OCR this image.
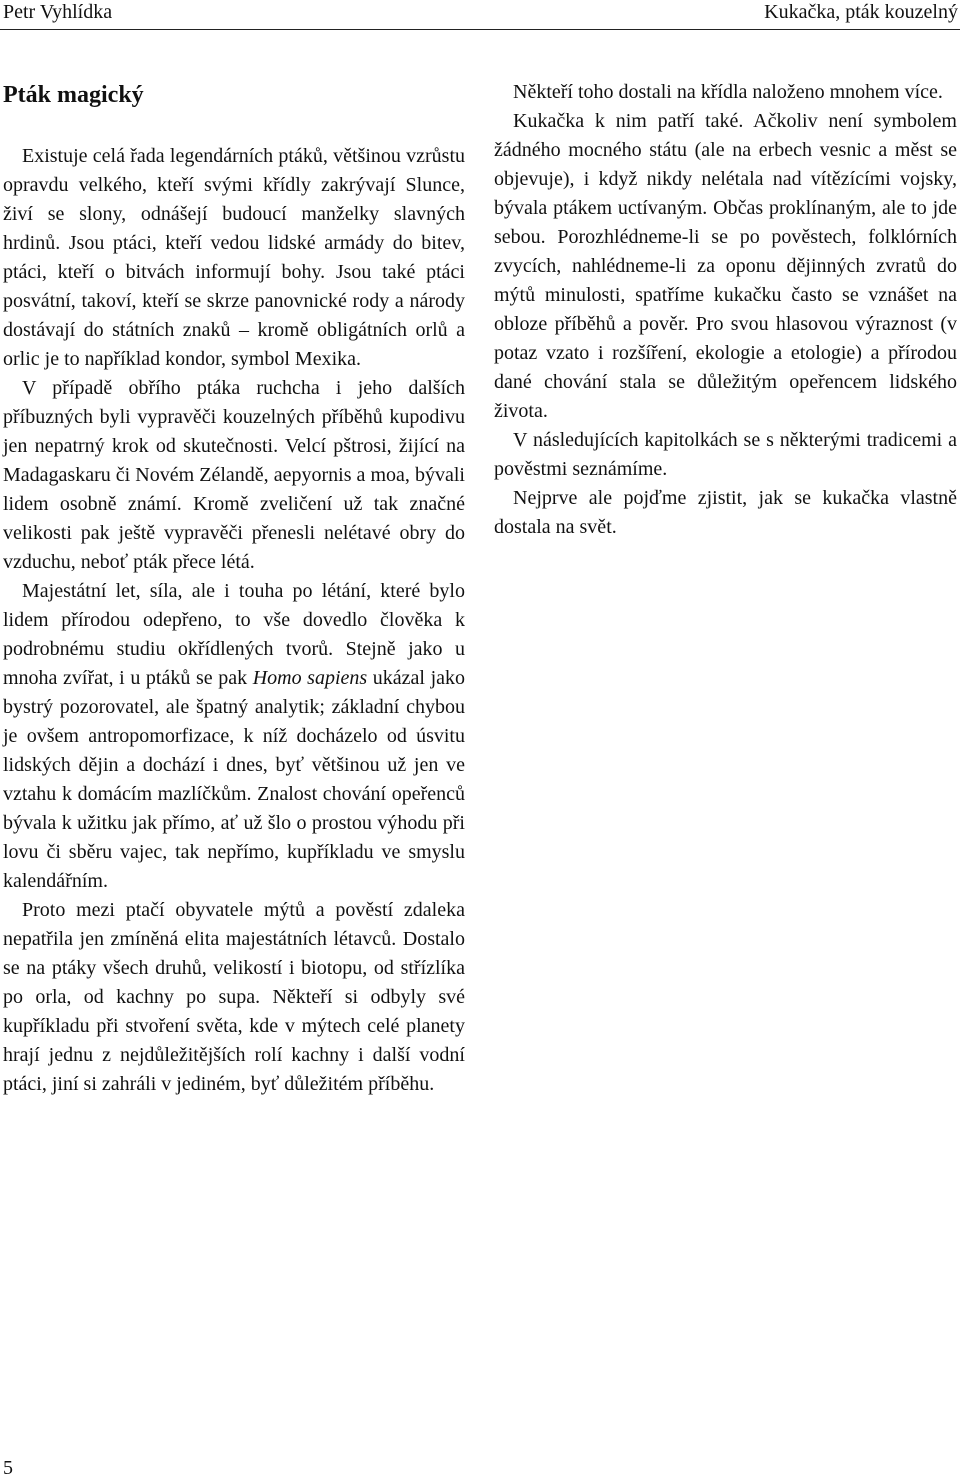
Petr Vyhlídka	Kukačka, pták kouzelný
Pták magický

Existuje celá řada legendárních ptáků, většinou vzrůstu opravdu velkého, kteří svými křídly zakrývají Slunce, živí se slony, odnášejí budoucí manželky slavných hrdinů. Jsou ptáci, kteří vedou lidské armády do bitev, ptáci, kteří o bitvách informují bohy. Jsou také ptáci posvátní, takoví, kteří se skrze panovnické rody a národy dostávají do státních znaků – kromě obligátních orlů a orlic je to například kondor, symbol Mexika.

V případě obřího ptáka ruchcha i jeho dalších příbuzných byli vypravěči kouzelných příběhů kupodivu jen nepatrný krok od skutečnosti. Velcí pštrosi, žijící na Madagaskaru či Novém Zélandě, aepyornis a moa, bývali lidem osobně známí. Kromě zveličení už tak značné velikosti pak ještě vypravěči přenesli nelétavé obry do vzduchu, neboť pták přece létá.

Majestátní let, síla, ale i touha po létání, které bylo lidem přírodou odepřeno, to vše dovedlo člověka k podrobnému studiu okřídlených tvorů. Stejně jako u mnoha zvířat, i u ptáků se pak Homo sapiens ukázal jako bystrý pozorovatel, ale špatný analytik; základní chybou je ovšem antropomorfizace, k níž docházelo od úsvitu lidských dějin a dochází i dnes, byť většinou už jen ve vztahu k domácím mazlíčkům. Znalost chování opeřenců bývala k užitku jak přímo, ať už šlo o prostou výhodu při lovu či sběru vajec, tak nepřímo, kupříkladu ve smyslu kalendářním.

Proto mezi ptačí obyvatele mýtů a pověstí zdaleka nepatřila jen zmíněná elita majestátních létavců. Dostalo se na ptáky všech druhů, velikostí i biotopu, od střízlíka po orla, od kachny po supa. Někteří si odbyly své kupříkladu při stvoření světa, kde v mýtech celé planety hrají jednu z nejdůležitějších rolí kachny i další vodní ptáci, jiní si zahráli v jediném, byť důležitém příběhu.

Někteří toho dostali na křídla naloženo mnohem více.

Kukačka k nim patří také. Ačkoliv není symbolem žádného mocného státu (ale na erbech vesnic a měst se objevuje), i když nikdy nelétala nad vítězícími vojsky, bývala ptákem uctívaným. Občas proklínaným, ale to jde sebou. Porozhlédneme-li se po pověstech, folklórních zvycích, nahlédneme-li za oponu dějinných zvratů do mýtů minulosti, spatříme kukačku často se vznášet na obloze příběhů a pověr. Pro svou hlasovou výraznost (v potaz vzato i rozšíření, ekologie a etologie) a přírodou dané chování stala se důležitým opeřencem lidského života.

V následujících kapitolkách se s některými tradicemi a pověstmi seznámíme.

Nejprve ale pojďme zjistit, jak se kukačka vlastně dostala na svět.

5
